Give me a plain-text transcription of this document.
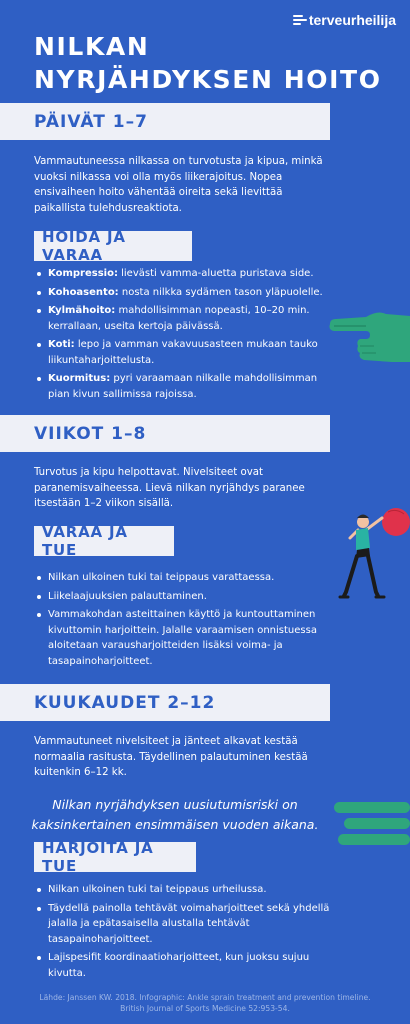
terveurheilija
NILKAN
NYRJÄHDYKSEN HOITO
PÄIVÄT 1–7
Vammautuneessa nilkassa on turvotusta ja kipua, minkä vuoksi nilkassa voi olla myös liikerajoitus. Nopea ensivaiheen hoito vähentää oireita sekä lievittää paikallista tulehdusreaktiota.
HOIDA JA VARAA
Kompressio: lievästi vamma-aluetta puristava side.
Kohoasento: nosta nilkka sydämen tason yläpuolelle.
Kylmähoito: mahdollisimman nopeasti, 10–20 min. kerrallaan, useita kertoja päivässä.
Koti: lepo ja vamman vakavuusasteen mukaan tauko liikuntaharjoittelusta.
Kuormitus: pyri varaamaan nilkalle mahdollisimman pian kivun sallimissa rajoissa.
VIIKOT 1–8
Turvotus ja kipu helpottavat. Nivelsiteet ovat paranemisvaiheessa. Lievä nilkan nyrjähdys paranee itsestään 1–2 viikon sisällä.
VARAA JA TUE
Nilkan ulkoinen tuki tai teippaus varattaessa.
Liikelaajuuksien palauttaminen.
Vammakohdan asteittainen käyttö ja kuntouttaminen kivuttomin harjoittein. Jalalle varaamisen onnistuessa aloitetaan varausharjoitteiden lisäksi voima- ja tasapainoharjoitteet.
KUUKAUDET 2–12
Vammautuneet nivelsiteet ja jänteet alkavat kestää normaalia rasitusta. Täydellinen palautuminen kestää kuitenkin 6–12 kk.
Nilkan nyrjähdyksen uusiutumisriski on kaksinkertainen ensimmäisen vuoden aikana.
HARJOITA JA TUE
Nilkan ulkoinen tuki tai teippaus urheilussa.
Täydellä painolla tehtävät voimaharjoitteet sekä yhdellä jalalla ja epätasaisella alustalla tehtävät tasapainoharjoitteet.
Lajispesifit koordinaatioharjoitteet, kun juoksu sujuu kivutta.
Lähde: Janssen KW. 2018. Infographic: Ankle sprain treatment and prevention timeline. British Journal of Sports Medicine 52:953-54.
